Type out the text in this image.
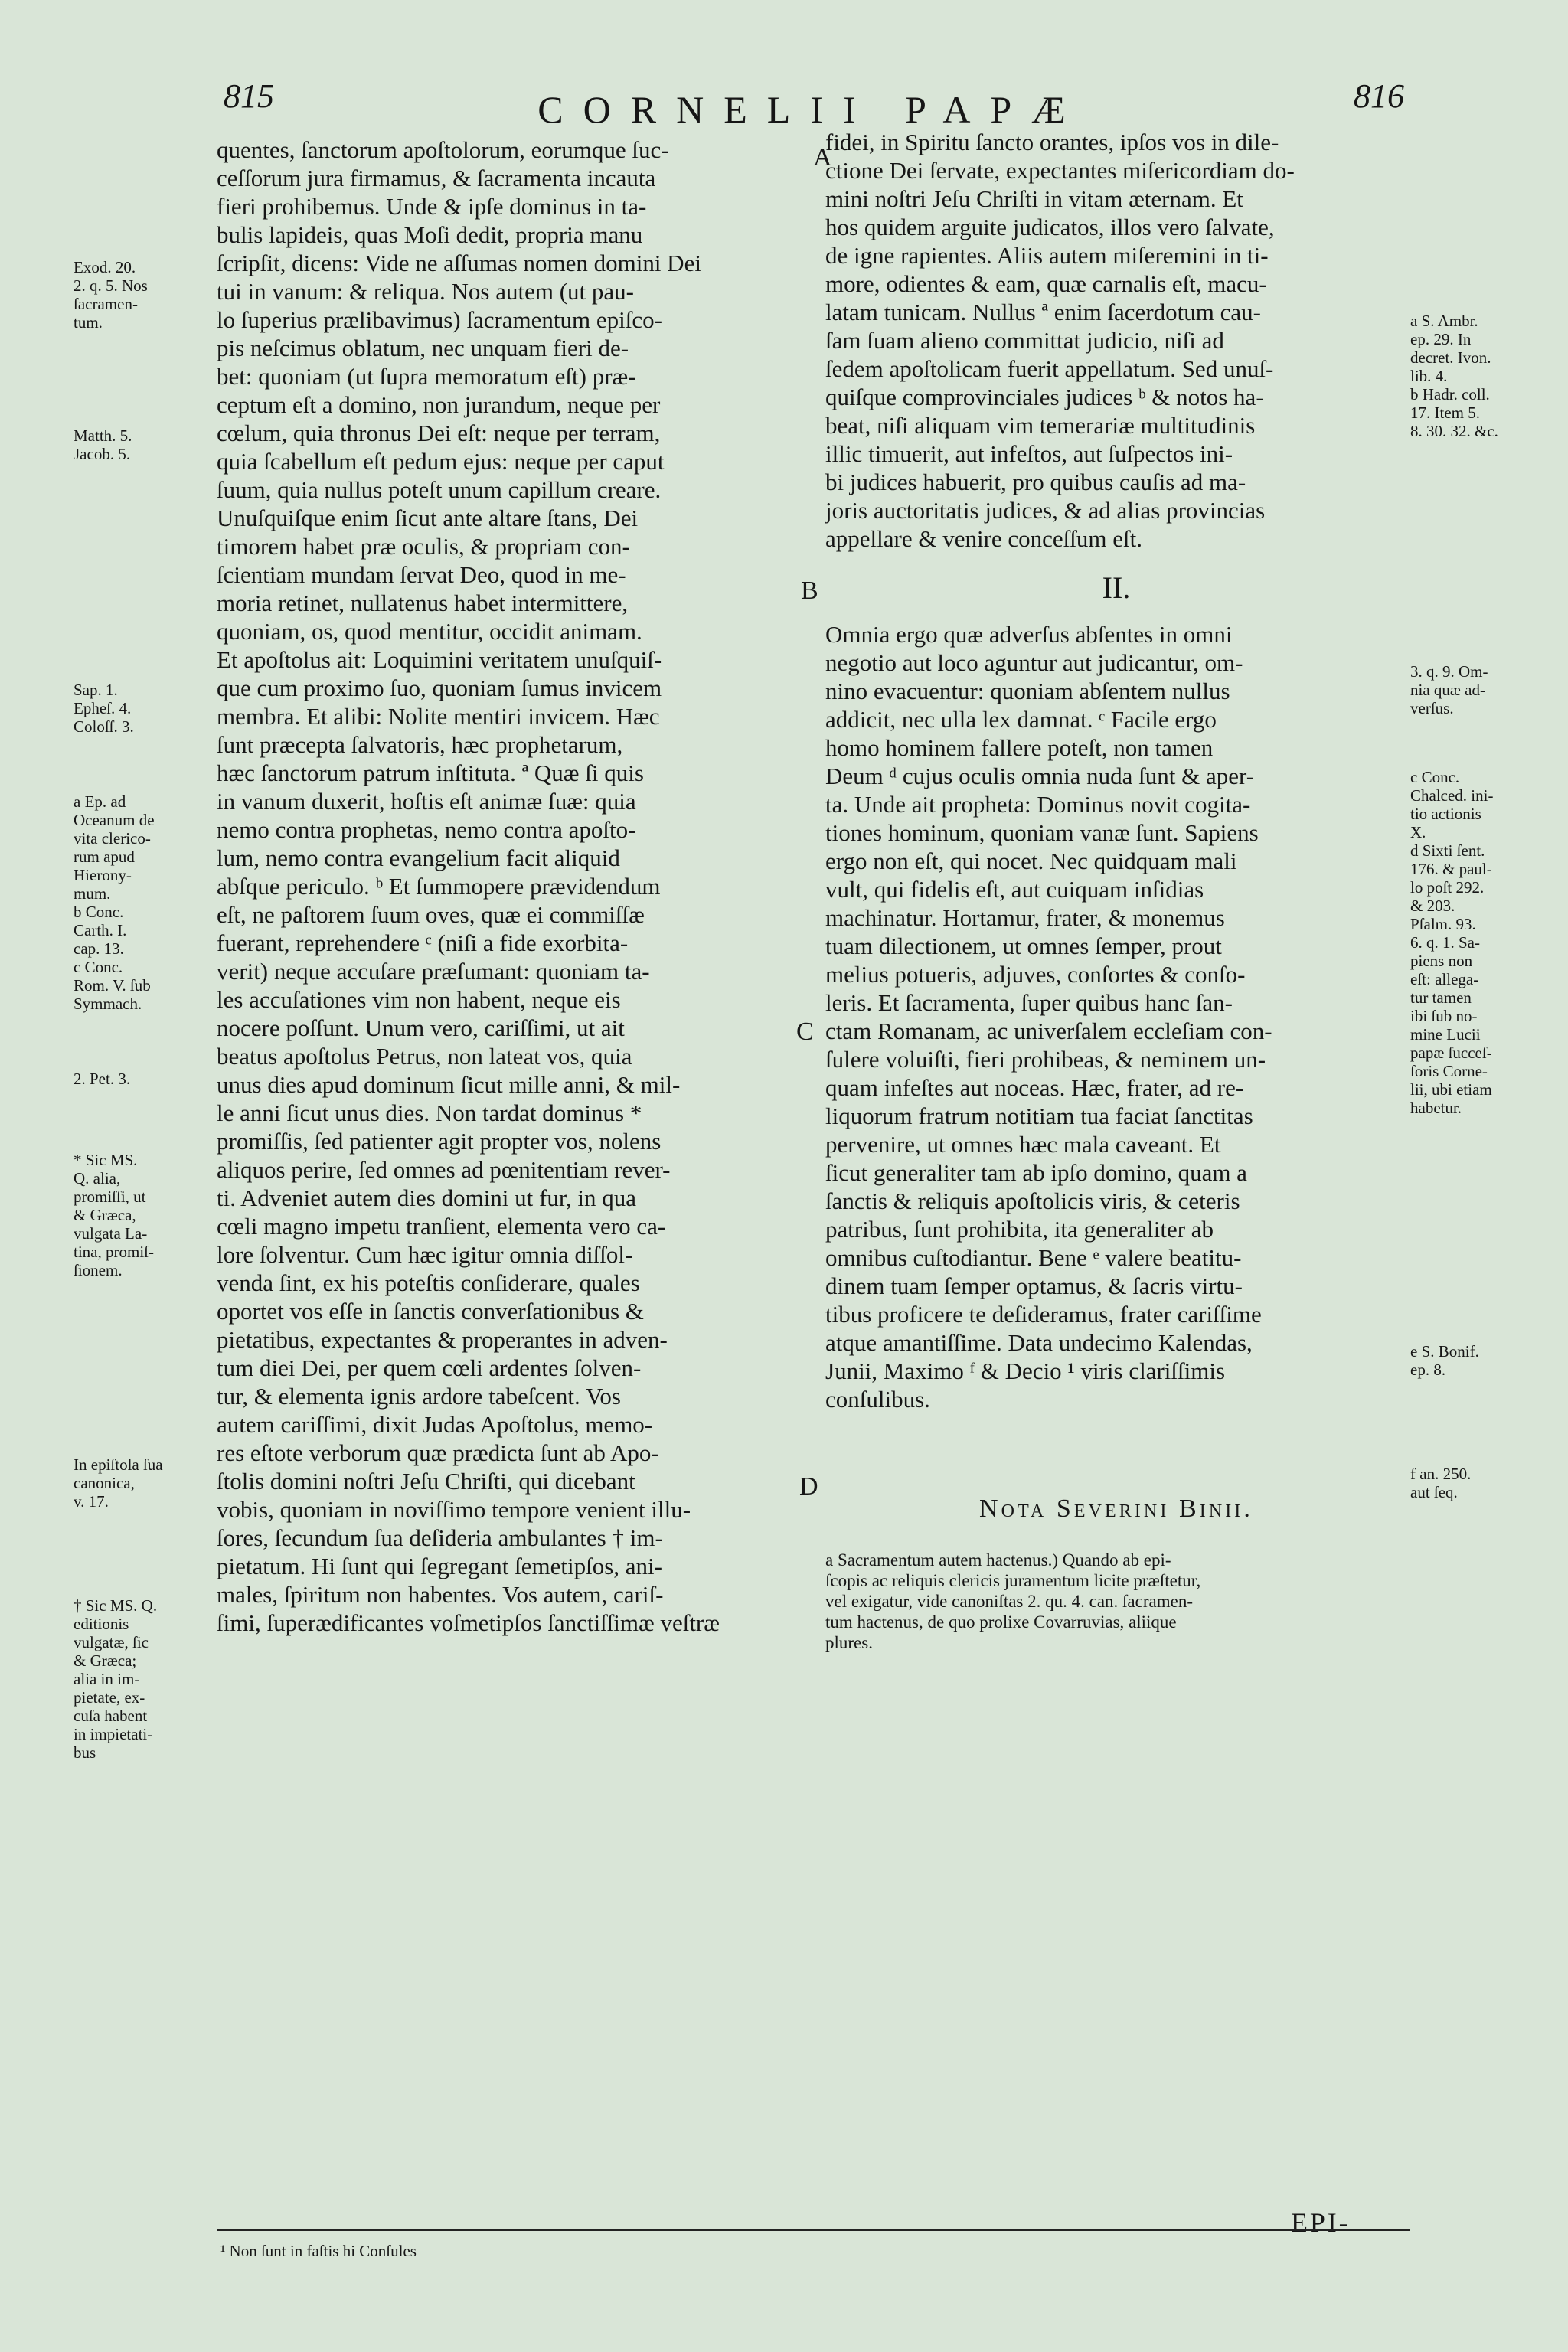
815	CORNELII PAPÆ	816
quentes, ſanctorum apoſtolorum, eorumque ſuc-
ceſſorum jura firmamus, & ſacramenta incauta
fieri prohibemus. Unde & ipſe dominus in ta-
bulis lapideis, quas Moſi dedit, propria manu
ſcripſit, dicens: Vide ne aſſumas nomen domini Dei
tui in vanum: & reliqua. Nos autem (ut pau-
lo ſuperius prælibavimus) ſacramentum epiſco-
pis neſcimus oblatum, nec unquam fieri de-
bet: quoniam (ut ſupra memoratum eſt) præ-
ceptum eſt a domino, non jurandum, neque per
cœlum, quia thronus Dei eſt: neque per terram,
quia ſcabellum eſt pedum ejus: neque per caput
ſuum, quia nullus poteſt unum capillum creare.
Unuſquiſque enim ſicut ante altare ſtans, Dei
timorem habet præ oculis, & propriam con-
ſcientiam mundam ſervat Deo, quod in me-
moria retinet, nullatenus habet intermittere,
quoniam, os, quod mentitur, occidit animam.
Et apoſtolus ait: Loquimini veritatem unuſquiſ-
que cum proximo ſuo, quoniam ſumus invicem
membra. Et alibi: Nolite mentiri invicem. Hæc
ſunt præcepta ſalvatoris, hæc prophetarum,
hæc ſanctorum patrum inſtituta. ª Quæ ſi quis
in vanum duxerit, hoſtis eſt animæ ſuæ: quia
nemo contra prophetas, nemo contra apoſto-
lum, nemo contra evangelium facit aliquid
abſque periculo. ᵇ Et ſummopere prævidendum
eſt, ne paſtorem ſuum oves, quæ ei commiſſæ
fuerant, reprehendere ᶜ (niſi a fide exorbita-
verit) neque accuſare præſumant: quoniam ta-
les accuſationes vim non habent, neque eis
nocere poſſunt. Unum vero, cariſſimi, ut ait
beatus apoſtolus Petrus, non lateat vos, quia
unus dies apud dominum ſicut mille anni, & mil-
le anni ſicut unus dies. Non tardat dominus *
promiſſis, ſed patienter agit propter vos, nolens
aliquos perire, ſed omnes ad pœnitentiam rever-
ti. Adveniet autem dies domini ut fur, in qua
cœli magno impetu tranſient, elementa vero ca-
lore ſolventur. Cum hæc igitur omnia diſſol-
venda ſint, ex his poteſtis conſiderare, quales
oportet vos eſſe in ſanctis converſationibus &
pietatibus, expectantes & properantes in adven-
tum diei Dei, per quem cœli ardentes ſolven-
tur, & elementa ignis ardore tabeſcent. Vos
autem cariſſimi, dixit Judas Apoſtolus, memo-
res eſtote verborum quæ prædicta ſunt ab Apo-
ſtolis domini noſtri Jeſu Chriſti, qui dicebant
vobis, quoniam in noviſſimo tempore venient illu-
ſores, ſecundum ſua deſideria ambulantes † im-
pietatum. Hi ſunt qui ſegregant ſemetipſos, ani-
males, ſpiritum non habentes. Vos autem, cariſ-
ſimi, ſuperædificantes voſmetipſos ſanctiſſimæ veſtræ
fidei, in Spiritu ſancto orantes, ipſos vos in dile-
ctione Dei ſervate, expectantes miſericordiam do-
mini noſtri Jeſu Chriſti in vitam æternam. Et
hos quidem arguite judicatos, illos vero ſalvate,
de igne rapientes. Aliis autem miſeremini in ti-
more, odientes & eam, quæ carnalis eſt, macu-
latam tunicam. Nullus ª enim ſacerdotum cau-
ſam ſuam alieno committat judicio, niſi ad
ſedem apoſtolicam fuerit appellatum. Sed unuſ-
quiſque comprovinciales judices ᵇ & notos ha-
beat, niſi aliquam vim temerariæ multitudinis
illic timuerit, aut infeſtos, aut ſuſpectos ini-
bi judices habuerit, pro quibus cauſis ad ma-
joris auctoritatis judices, & ad alias provincias
appellare & venire conceſſum eſt.
II.
Omnia ergo quæ adverſus abſentes in omni
negotio aut loco aguntur aut judicantur, om-
nino evacuentur: quoniam abſentem nullus
addicit, nec ulla lex damnat. ᶜ Facile ergo
homo hominem fallere poteſt, non tamen
Deum ᵈ cujus oculis omnia nuda ſunt & aper-
ta. Unde ait propheta: Dominus novit cogita-
tiones hominum, quoniam vanæ ſunt. Sapiens
ergo non eſt, qui nocet. Nec quidquam mali
vult, qui fidelis eſt, aut cuiquam inſidias
machinatur. Hortamur, frater, & monemus
tuam dilectionem, ut omnes ſemper, prout
melius potueris, adjuves, conſortes & conſo-
leris. Et ſacramenta, ſuper quibus hanc ſan-
ctam Romanam, ac univerſalem eccleſiam con-
ſulere voluiſti, fieri prohibeas, & neminem un-
quam infeſtes aut noceas. Hæc, frater, ad re-
liquorum fratrum notitiam tua faciat ſanctitas
pervenire, ut omnes hæc mala caveant. Et
ſicut generaliter tam ab ipſo domino, quam a
ſanctis & reliquis apoſtolicis viris, & ceteris
patribus, ſunt prohibita, ita generaliter ab
omnibus cuſtodiantur. Bene ᵉ valere beatitu-
dinem tuam ſemper optamus, & ſacris virtu-
tibus proficere te deſideramus, frater cariſſime
atque amantiſſime. Data undecimo Kalendas,
Junii, Maximo ᶠ & Decio ¹ viris clariſſimis
conſulibus.
A
B
C
D
Exod. 20.
2. q. 5. Nos
ſacramen-
tum.
Matth. 5.
Jacob. 5.
Sap. 1.
Epheſ. 4.
Coloſſ. 3.
a Ep. ad
Oceanum de
vita clerico-
rum apud
Hierony-
mum.
b Conc.
Carth. I.
cap. 13.
c Conc.
Rom. V. ſub
Symmach.
2. Pet. 3.
* Sic MS.
Q. alia,
promiſſi, ut
& Græca,
vulgata La-
tina, promiſ-
ſionem.
In epiſtola ſua
canonica,
v. 17.
† Sic MS. Q.
editionis
vulgatæ, ſic
& Græca;
alia in im-
pietate, ex-
cuſa habent
in impietati-
bus
a S. Ambr.
ep. 29. In
decret. Ivon.
lib. 4.
b Hadr. coll.
17. Item 5.
8. 30. 32. &c.
3. q. 9. Om-
nia quæ ad-
verſus.
c Conc.
Chalced. ini-
tio actionis
X.
d Sixti ſent.
176. & paul-
lo poſt 292.
& 203.
Pſalm. 93.
6. q. 1. Sa-
piens non
eſt: allega-
tur tamen
ibi ſub no-
mine Lucii
papæ ſucceſ-
ſoris Corne-
lii, ubi etiam
habetur.
e S. Bonif.
ep. 8.
f an. 250.
aut ſeq.
Nota Severini Binii.
a Sacramentum autem hactenus.) Quando ab epi-
ſcopis ac reliquis clericis juramentum licite præſtetur,
vel exigatur, vide canoniſtas 2. qu. 4. can. ſacramen-
tum hactenus, de quo prolixe Covarruvias, aliique
plures.
EPI-
¹ Non ſunt in faſtis hi Conſules
